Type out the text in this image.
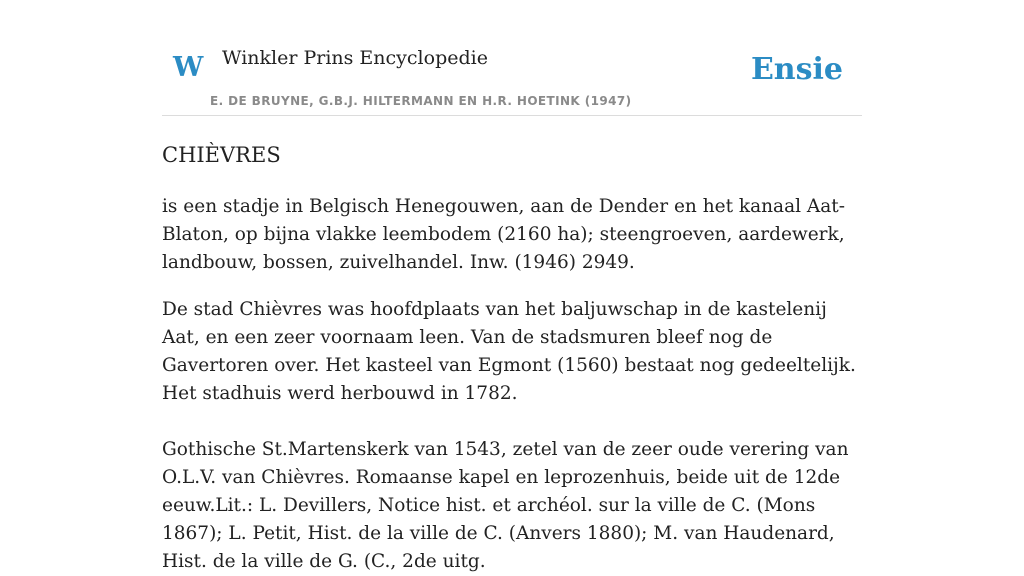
W Winkler Prins Encyclopedie
E. DE BRUYNE, G.B.J. HILTERMANN EN H.R. HOETINK (1947)
Ensie
CHIÈVRES

is een stadje in Belgisch Henegouwen, aan de Dender en het kanaal Aat-Blaton, op bijna vlakke leembodem (2160 ha); steengroeven, aardewerk, landbouw, bossen, zuivelhandel. Inw. (1946) 2949.

De stad Chièvres was hoofdplaats van het baljuwschap in de kastelenij Aat, en een zeer voornaam leen. Van de stadsmuren bleef nog de Gavertoren over. Het kasteel van Egmont (1560) bestaat nog gedeeltelijk. Het stadhuis werd herbouwd in 1782.

Gothische St.Martenskerk van 1543, zetel van de zeer oude verering van O.L.V. van Chièvres. Romaanse kapel en leprozenhuis, beide uit de 12de eeuw.Lit.: L. Devillers, Notice hist. et archéol. sur la ville de C. (Mons 1867); L. Petit, Hist. de la ville de C. (Anvers 1880); M. van Haudenard, Hist. de la ville de G. (C., 2de uitg.
